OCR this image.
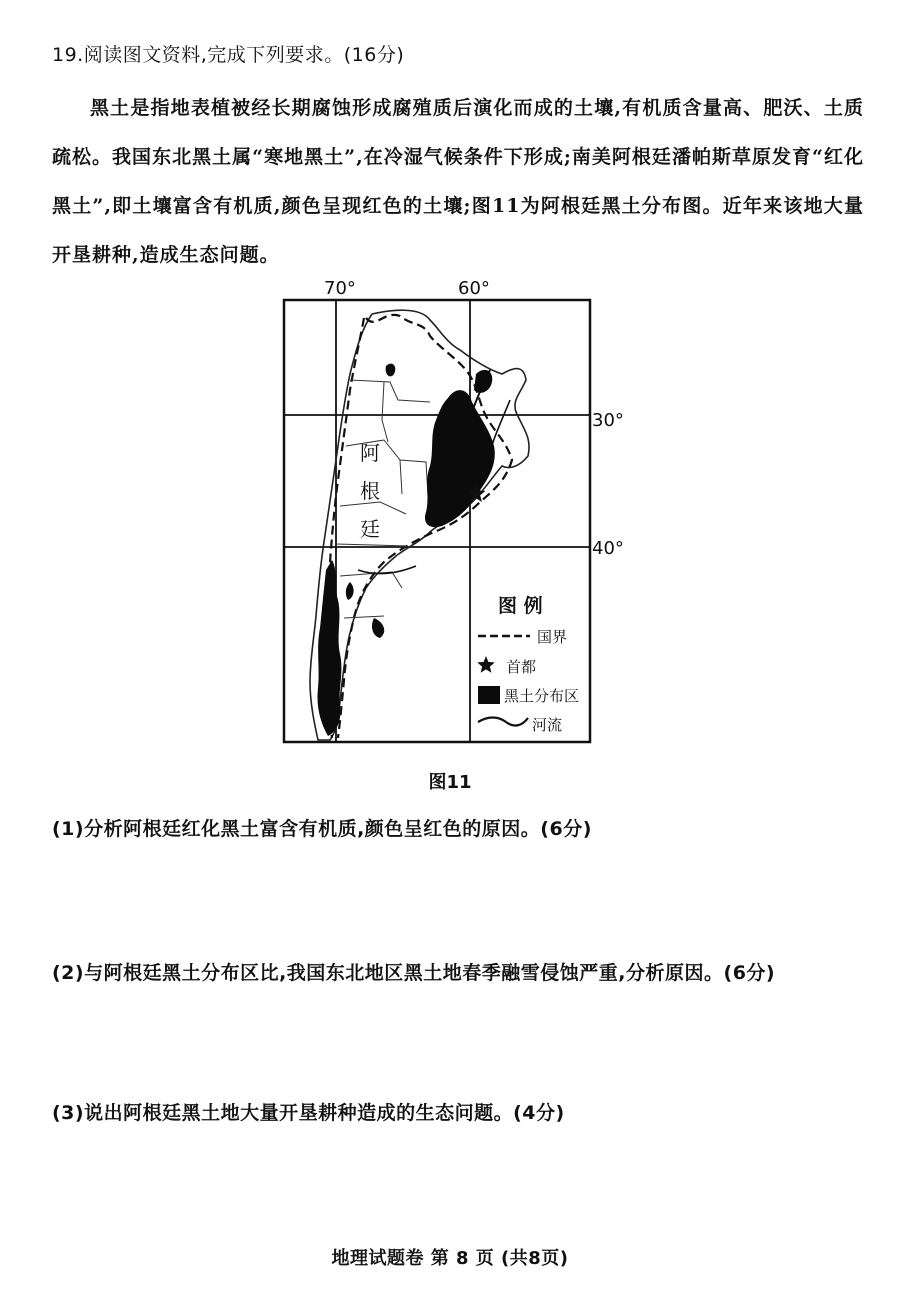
19.阅读图文资料,完成下列要求。(16分)
黑土是指地表植被经长期腐蚀形成腐殖质后演化而成的土壤,有机质含量高、肥沃、土质疏松。我国东北黑土属“寒地黑土”,在冷湿气候条件下形成;南美阿根廷潘帕斯草原发育“红化黑土”,即土壤富含有机质,颜色呈现红色的土壤;图11为阿根廷黑土分布图。近年来该地大量开垦耕种,造成生态问题。
70°	60°
30°
40°
阿
根
廷
图 例
国界
首都
黑土分布区
河流
图11
(1)分析阿根廷红化黑土富含有机质,颜色呈红色的原因。(6分)
(2)与阿根廷黑土分布区比,我国东北地区黑土地春季融雪侵蚀严重,分析原因。(6分)
(3)说出阿根廷黑土地大量开垦耕种造成的生态问题。(4分)
地理试题卷 第 8 页 (共8页)
